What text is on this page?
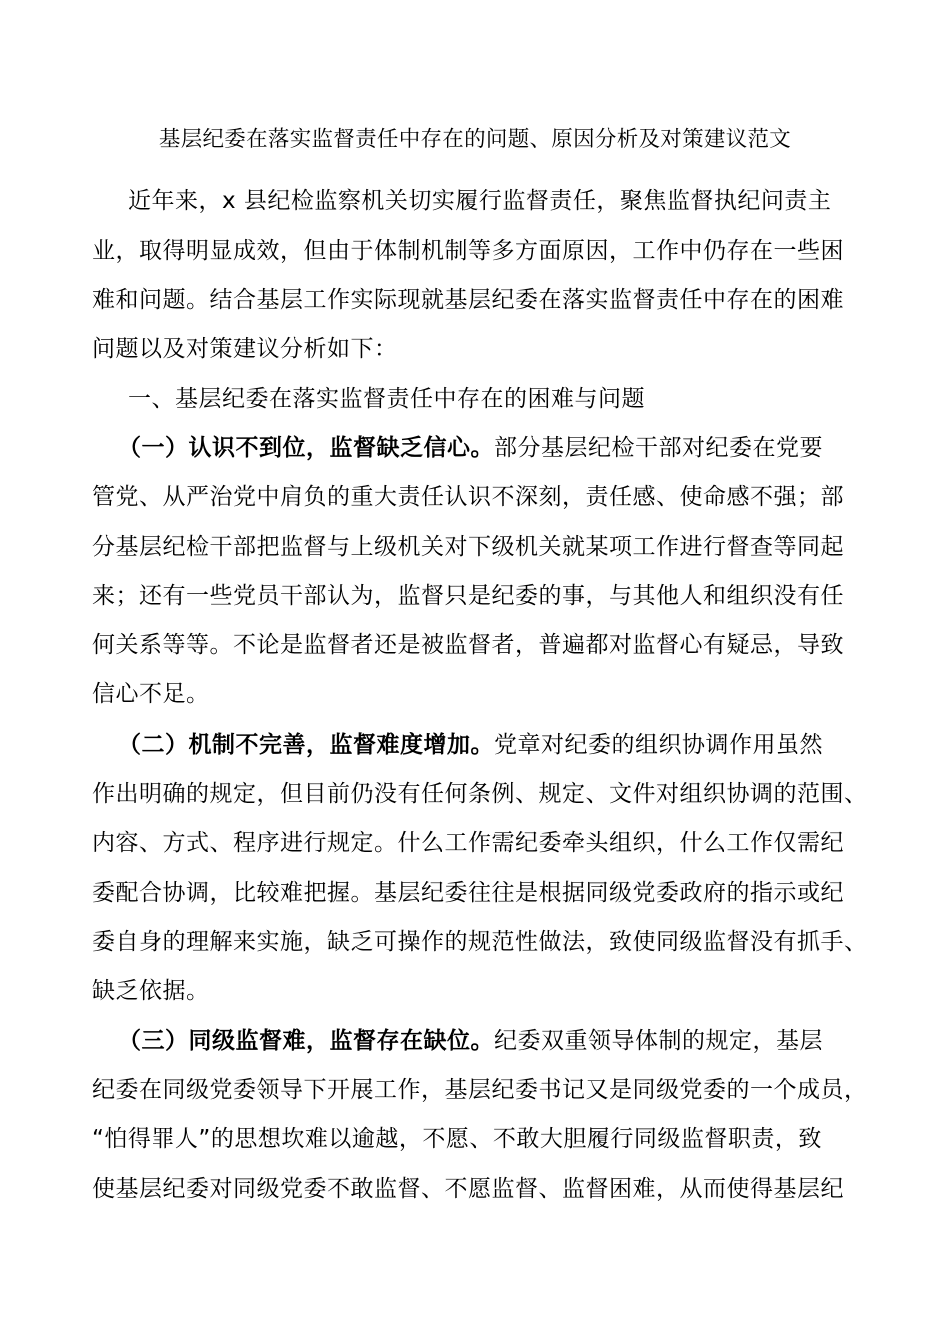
基层纪委在落实监督责任中存在的问题、原因分析及对策建议范文
近年来，x 县纪检监察机关切实履行监督责任，聚焦监督执纪问责主
业，取得明显成效，但由于体制机制等多方面原因，工作中仍存在一些困
难和问题。结合基层工作实际现就基层纪委在落实监督责任中存在的困难
问题以及对策建议分析如下：
一、基层纪委在落实监督责任中存在的困难与问题
（一）认识不到位，监督缺乏信心。部分基层纪检干部对纪委在党要
管党、从严治党中肩负的重大责任认识不深刻，责任感、使命感不强；部
分基层纪检干部把监督与上级机关对下级机关就某项工作进行督查等同起
来；还有一些党员干部认为，监督只是纪委的事，与其他人和组织没有任
何关系等等。不论是监督者还是被监督者，普遍都对监督心有疑忌，导致
信心不足。
（二）机制不完善，监督难度增加。党章对纪委的组织协调作用虽然
作出明确的规定，但目前仍没有任何条例、规定、文件对组织协调的范围、
内容、方式、程序进行规定。什么工作需纪委牵头组织，什么工作仅需纪
委配合协调，比较难把握。基层纪委往往是根据同级党委政府的指示或纪
委自身的理解来实施，缺乏可操作的规范性做法，致使同级监督没有抓手、
缺乏依据。
（三）同级监督难，监督存在缺位。纪委双重领导体制的规定，基层
纪委在同级党委领导下开展工作，基层纪委书记又是同级党委的一个成员，
“怕得罪人”的思想坎难以逾越，不愿、不敢大胆履行同级监督职责，致
使基层纪委对同级党委不敢监督、不愿监督、监督困难，从而使得基层纪
